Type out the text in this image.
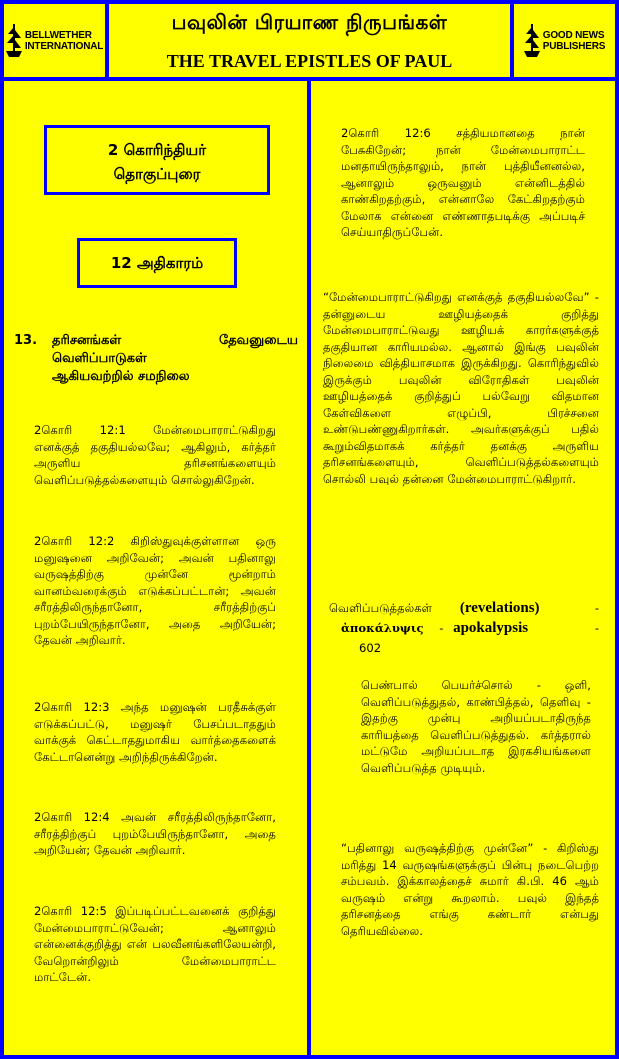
BELLWETHER
INTERNATIONAL
பவுலின் பிரயாண நிருபங்கள்
THE TRAVEL EPISTLES OF PAUL
GOOD NEWS
PUBLISHERS
2 கொரிந்தியர்
தொகுப்புரை
12 அதிகாரம்
13. தரிசனங்கள் தேவனுடைய
வெளிப்பாடுகள்
ஆகியவற்றில் சமநிலை
2கொரி 12:1 மேன்மைபாராட்டுகிறது எனக்குத் தகுதியல்லவே; ஆகிலும், கர்த்தர் அருளிய தரிசனங்களையும் வெளிப்படுத்தல்களையும் சொல்லுகிறேன்.
2கொரி 12:2 கிறிஸ்துவுக்குள்ளான ஒரு மனுஷனை அறிவேன்; அவன் பதினாலு வருஷத்திற்கு முன்னே மூன்றாம் வானம்வரைக்கும் எடுக்கப்பட்டான்; அவன் சரீரத்திலிருந்தானோ, சரீரத்திற்குப் புறம்பேயிருந்தானோ, அதை அறியேன்; தேவன் அறிவார்.
2கொரி 12:3 அந்த மனுஷன் பரதீசுக்குள் எடுக்கப்பட்டு, மனுஷர் பேசப்படாததும் வாக்குக் கெட்டாததுமாகிய வார்த்தைகளைக் கேட்டானென்று அறிந்திருக்கிறேன்.
2கொரி 12:4 அவன் சரீரத்திலிருந்தானோ, சரீரத்திற்குப் புறம்பேயிருந்தானோ, அதை அறியேன்; தேவன் அறிவார்.
2கொரி 12:5 இப்படிப்பட்டவனைக் குறித்து மேன்மைபாராட்டுவேன்; ஆனாலும் என்னைக்குறித்து என் பலவீனங்களிலேயன்றி, வேறொன்றிலும் மேன்மைபாராட்ட மாட்டேன்.
2கொரி 12:6 சத்தியமானதை நான் பேசுகிறேன்; நான் மேன்மைபாராட்ட மனதாயிருந்தாலும், நான் புத்தியீனனல்ல, ஆனாலும் ஒருவனும் என்னிடத்தில் காண்கிறதற்கும், என்னாலே கேட்கிறதற்கும் மேலாக என்னை எண்ணாதபடிக்கு அப்படிச் செய்யாதிருப்பேன்.
“மேன்மைபாராட்டுகிறது எனக்குத் தகுதியல்லவே” - தன்னுடைய ஊழியத்தைக் குறித்து மேன்மைபாராட்டுவது ஊழியக் காரர்களுக்குத் தகுதியான காரியமல்ல. ஆனால் இங்கு பவுலின் நிலைமை வித்தியாசமாக இருக்கிறது. கொரிந்துவில் இருக்கும் பவுலின் விரோதிகள் பவுலின் ஊழியத்தைக் குறித்துப் பல்வேறு விதமான கேள்விகளை எழுப்பி, பிரச்சனை உண்டுபண்ணுகிறார்கள். அவர்களுக்குப் பதில் கூறும்விதமாகக் கர்த்தர் தனக்கு அருளிய தரிசனங்களையும், வெளிப்படுத்தல்களையும் சொல்லி பவுல் தன்னை மேன்மைபாராட்டுகிறார்.
வெளிப்படுத்தல்கள் (revelations)	-

ἀποκάλυψις - apokalypsis	-

602
பெண்பால் பெயர்ச்சொல் - ஒளி, வெளிப்படுத்துதல், காண்பித்தல், தெளிவு - இதற்கு முன்பு அறியப்படாதிருந்த காரியத்தை வெளிப்படுத்துதல். கர்த்தரால் மட்டுமே அறியப்படாத இரகசியங்களை வெளிப்படுத்த முடியும்.
“பதினாலு வருஷத்திற்கு முன்னே” - கிறிஸ்து மரித்து 14 வருஷங்களுக்குப் பின்பு நடைபெற்ற சம்பவம். இக்காலத்தைச் சுமார் கி.பி. 46 ஆம் வருஷம் என்று கூறலாம். பவுல் இந்தத் தரிசனத்தை எங்கு கண்டார் என்பது தெரியவில்லை.
